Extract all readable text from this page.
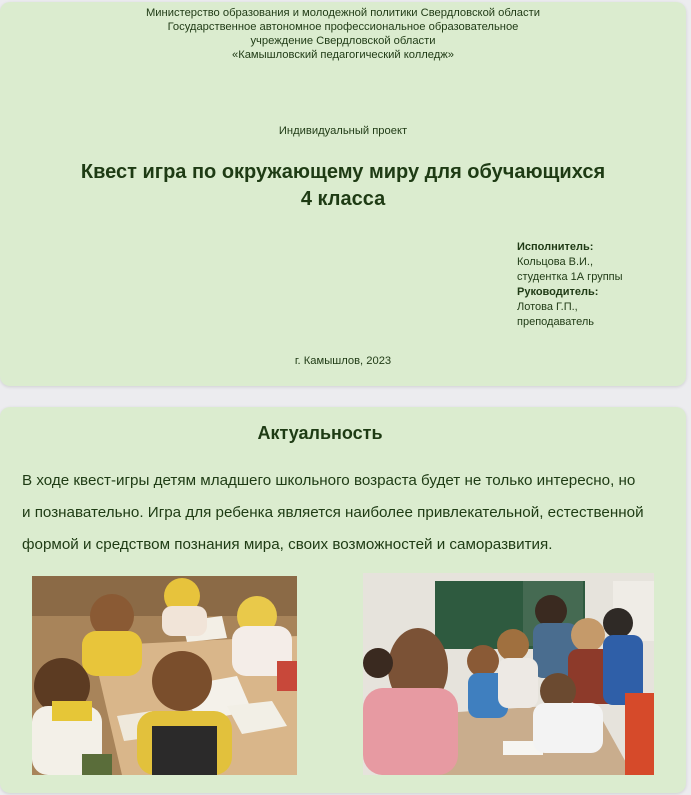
Министерство образования и молодежной политики Свердловской области
Государственное автономное профессиональное образовательное
учреждение Свердловской области
«Камышловский педагогический колледж»
Индивидуальный проект
Квест игра по окружающему миру для обучающихся
4 класса
Исполнитель:
Кольцова В.И.,
студентка 1А группы
Руководитель:
Лотова Г.П.,
преподаватель
г. Камышлов, 2023
Актуальность
В ходе квест-игры детям младшего школьного возраста будет не только интересно, но
и познавательно. Игра для ребенка является наиболее привлекательной, естественной
формой и средством познания мира, своих возможностей и саморазвития.
